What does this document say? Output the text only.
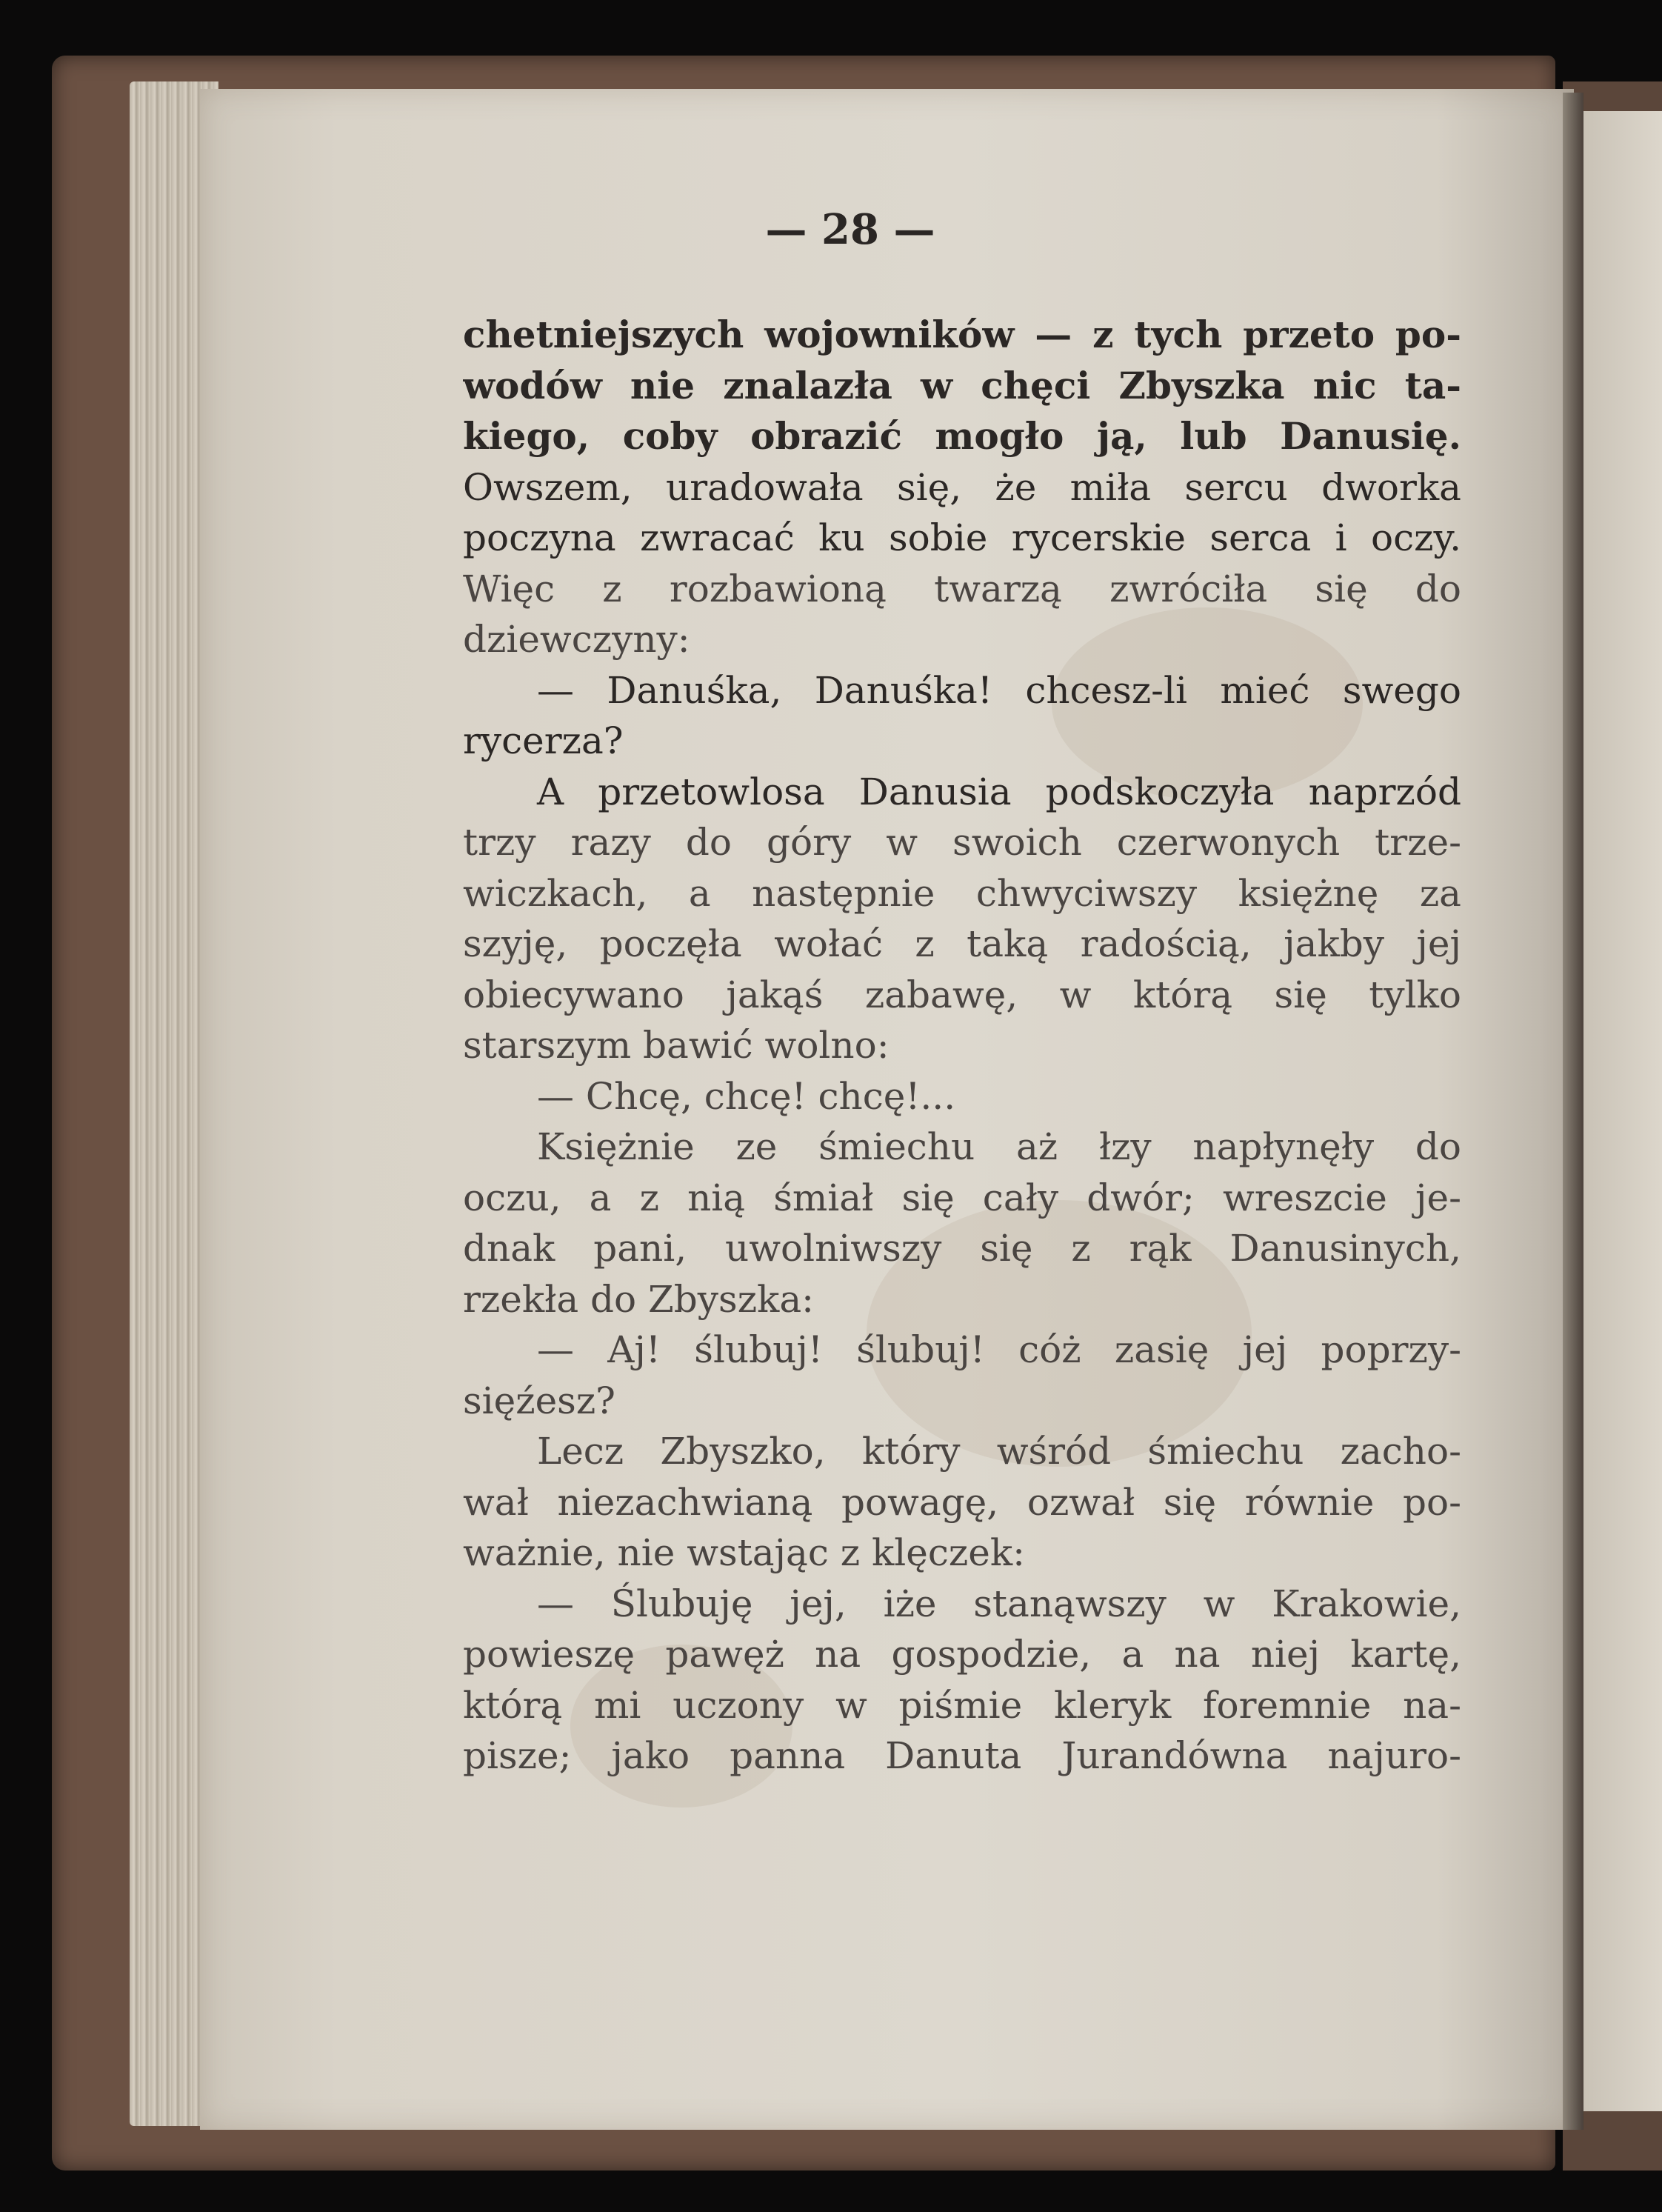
— 28 —
chetniejszych wojowników — z tych przeto po-
wodów nie znalazła w chęci Zbyszka nic ta-
kiego, coby obrazić mogło ją, lub Danusię.
Owszem, uradowała się, że miła sercu dworka
poczyna zwracać ku sobie rycerskie serca i oczy.
Więc z rozbawioną twarzą zwróciła się do
dziewczyny:
— Danuśka, Danuśka! chcesz-li mieć swego
rycerza?
A przetowlosa Danusia podskoczyła naprzód
trzy razy do góry w swoich czerwonych trze-
wiczkach, a następnie chwyciwszy księżnę za
szyję, poczęła wołać z taką radością, jakby jej
obiecywano jakąś zabawę, w którą się tylko
starszym bawić wolno:
— Chcę, chcę! chcę!...
Księżnie ze śmiechu aż łzy napłynęły do
oczu, a z nią śmiał się cały dwór; wreszcie je-
dnak pani, uwolniwszy się z rąk Danusinych,
rzekła do Zbyszka:
— Aj! ślubuj! ślubuj! cóż zasię jej poprzy-
sięźesz?
Lecz Zbyszko, który wśród śmiechu zacho-
wał niezachwianą powagę, ozwał się równie po-
ważnie, nie wstając z klęczek:
— Ślubuję jej, iże stanąwszy w Krakowie,
powieszę pawęż na gospodzie, a na niej kartę,
którą mi uczony w piśmie kleryk foremnie na-
pisze; jako panna Danuta Jurandówna najuro-
